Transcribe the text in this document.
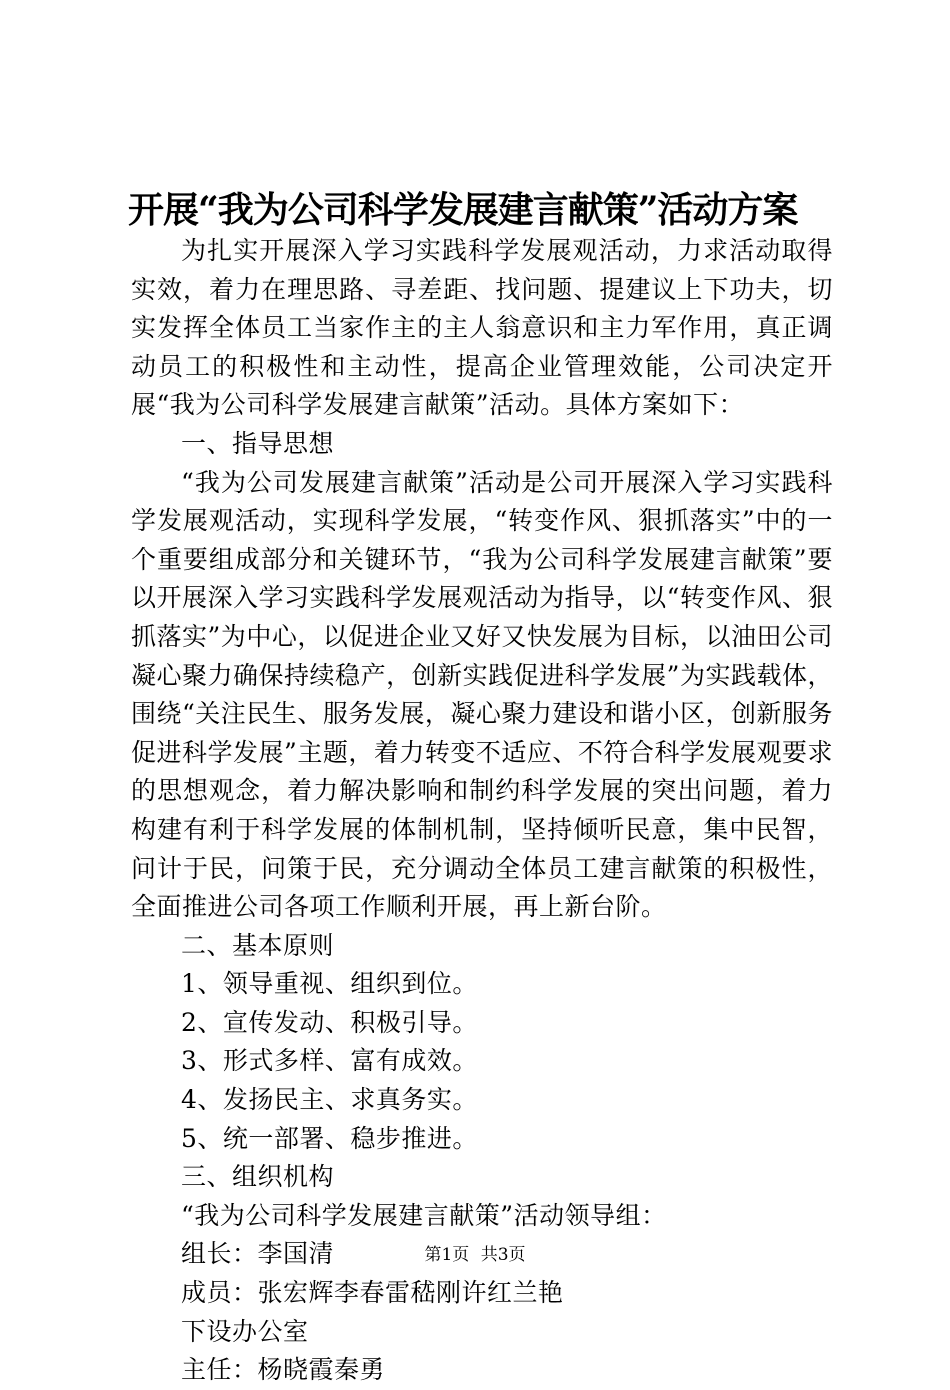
开展“我为公司科学发展建言献策”活动方案

为扎实开展深入学习实践科学发展观活动，力求活动取得实效，着力在理思路、寻差距、找问题、提建议上下功夫，切实发挥全体员工当家作主的主人翁意识和主力军作用，真正调动员工的积极性和主动性，提高企业管理效能，公司决定开展“我为公司科学发展建言献策”活动。具体方案如下：

一、指导思想

“我为公司发展建言献策”活动是公司开展深入学习实践科学发展观活动，实现科学发展，“转变作风、狠抓落实”中的一个重要组成部分和关键环节，“我为公司科学发展建言献策”要以开展深入学习实践科学发展观活动为指导，以“转变作风、狠抓落实”为中心，以促进企业又好又快发展为目标，以油田公司凝心聚力确保持续稳产，创新实践促进科学发展”为实践载体，围绕“关注民生、服务发展，凝心聚力建设和谐小区，创新服务促进科学发展”主题，着力转变不适应、不符合科学发展观要求的思想观念，着力解决影响和制约科学发展的突出问题，着力构建有利于科学发展的体制机制，坚持倾听民意，集中民智，问计于民，问策于民，充分调动全体员工建言献策的积极性，全面推进公司各项工作顺利开展，再上新台阶。

二、基本原则

1、领导重视、组织到位。

2、宣传发动、积极引导。

3、形式多样、富有成效。

4、发扬民主、求真务实。

5、统一部署、稳步推进。

三、组织机构

“我为公司科学发展建言献策”活动领导组：

组长：李国清

成员：张宏辉李春雷嵇刚许红兰艳

下设办公室

主任：杨晓霞秦勇

第1页 共3页
